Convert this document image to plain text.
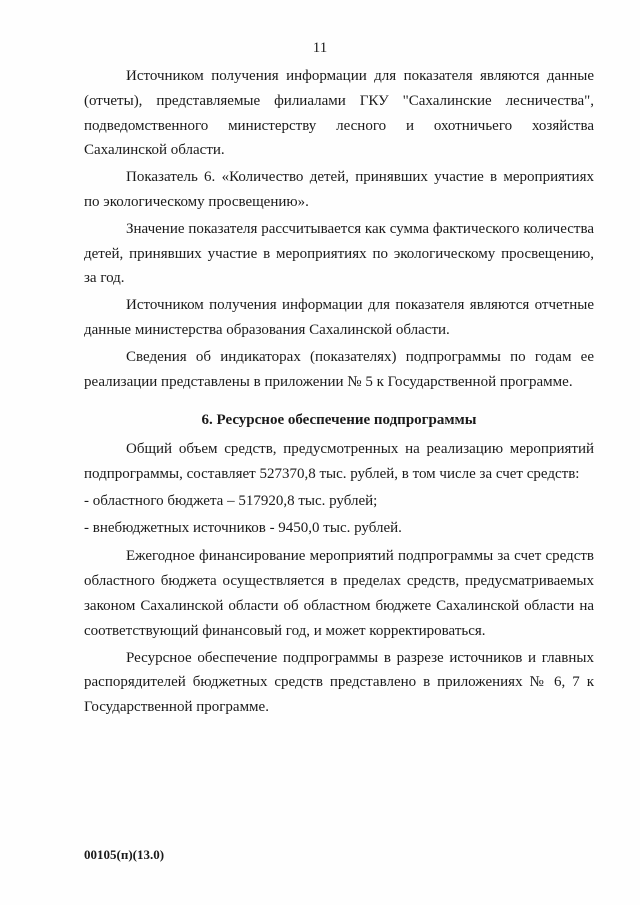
11

Источником получения информации для показателя являются данные (отчеты), представляемые филиалами ГКУ "Сахалинские лесничества", подведомственного министерству лесного и охотничьего хозяйства Сахалинской области.

Показатель 6. «Количество детей, принявших участие в мероприятиях по экологическому просвещению».

Значение показателя рассчитывается как сумма фактического количества детей, принявших участие в мероприятиях по экологическому просвещению, за год.

Источником получения информации для показателя являются отчетные данные министерства образования Сахалинской области.

Сведения об индикаторах (показателях) подпрограммы по годам ее реализации представлены в приложении № 5 к Государственной программе.

6. Ресурсное обеспечение подпрограммы

Общий объем средств, предусмотренных на реализацию мероприятий подпрограммы, составляет 527370,8 тыс. рублей, в том числе за счет средств:

- областного бюджета – 517920,8 тыс. рублей;

- внебюджетных источников - 9450,0 тыс. рублей.

Ежегодное финансирование мероприятий подпрограммы за счет средств областного бюджета осуществляется в пределах средств, предусматриваемых законом Сахалинской области об областном бюджете Сахалинской области на соответствующий финансовый год, и может корректироваться.

Ресурсное обеспечение подпрограммы в разрезе источников и главных распорядителей бюджетных средств представлено в приложениях № 6, 7 к Государственной программе.

00105(п)(13.0)
